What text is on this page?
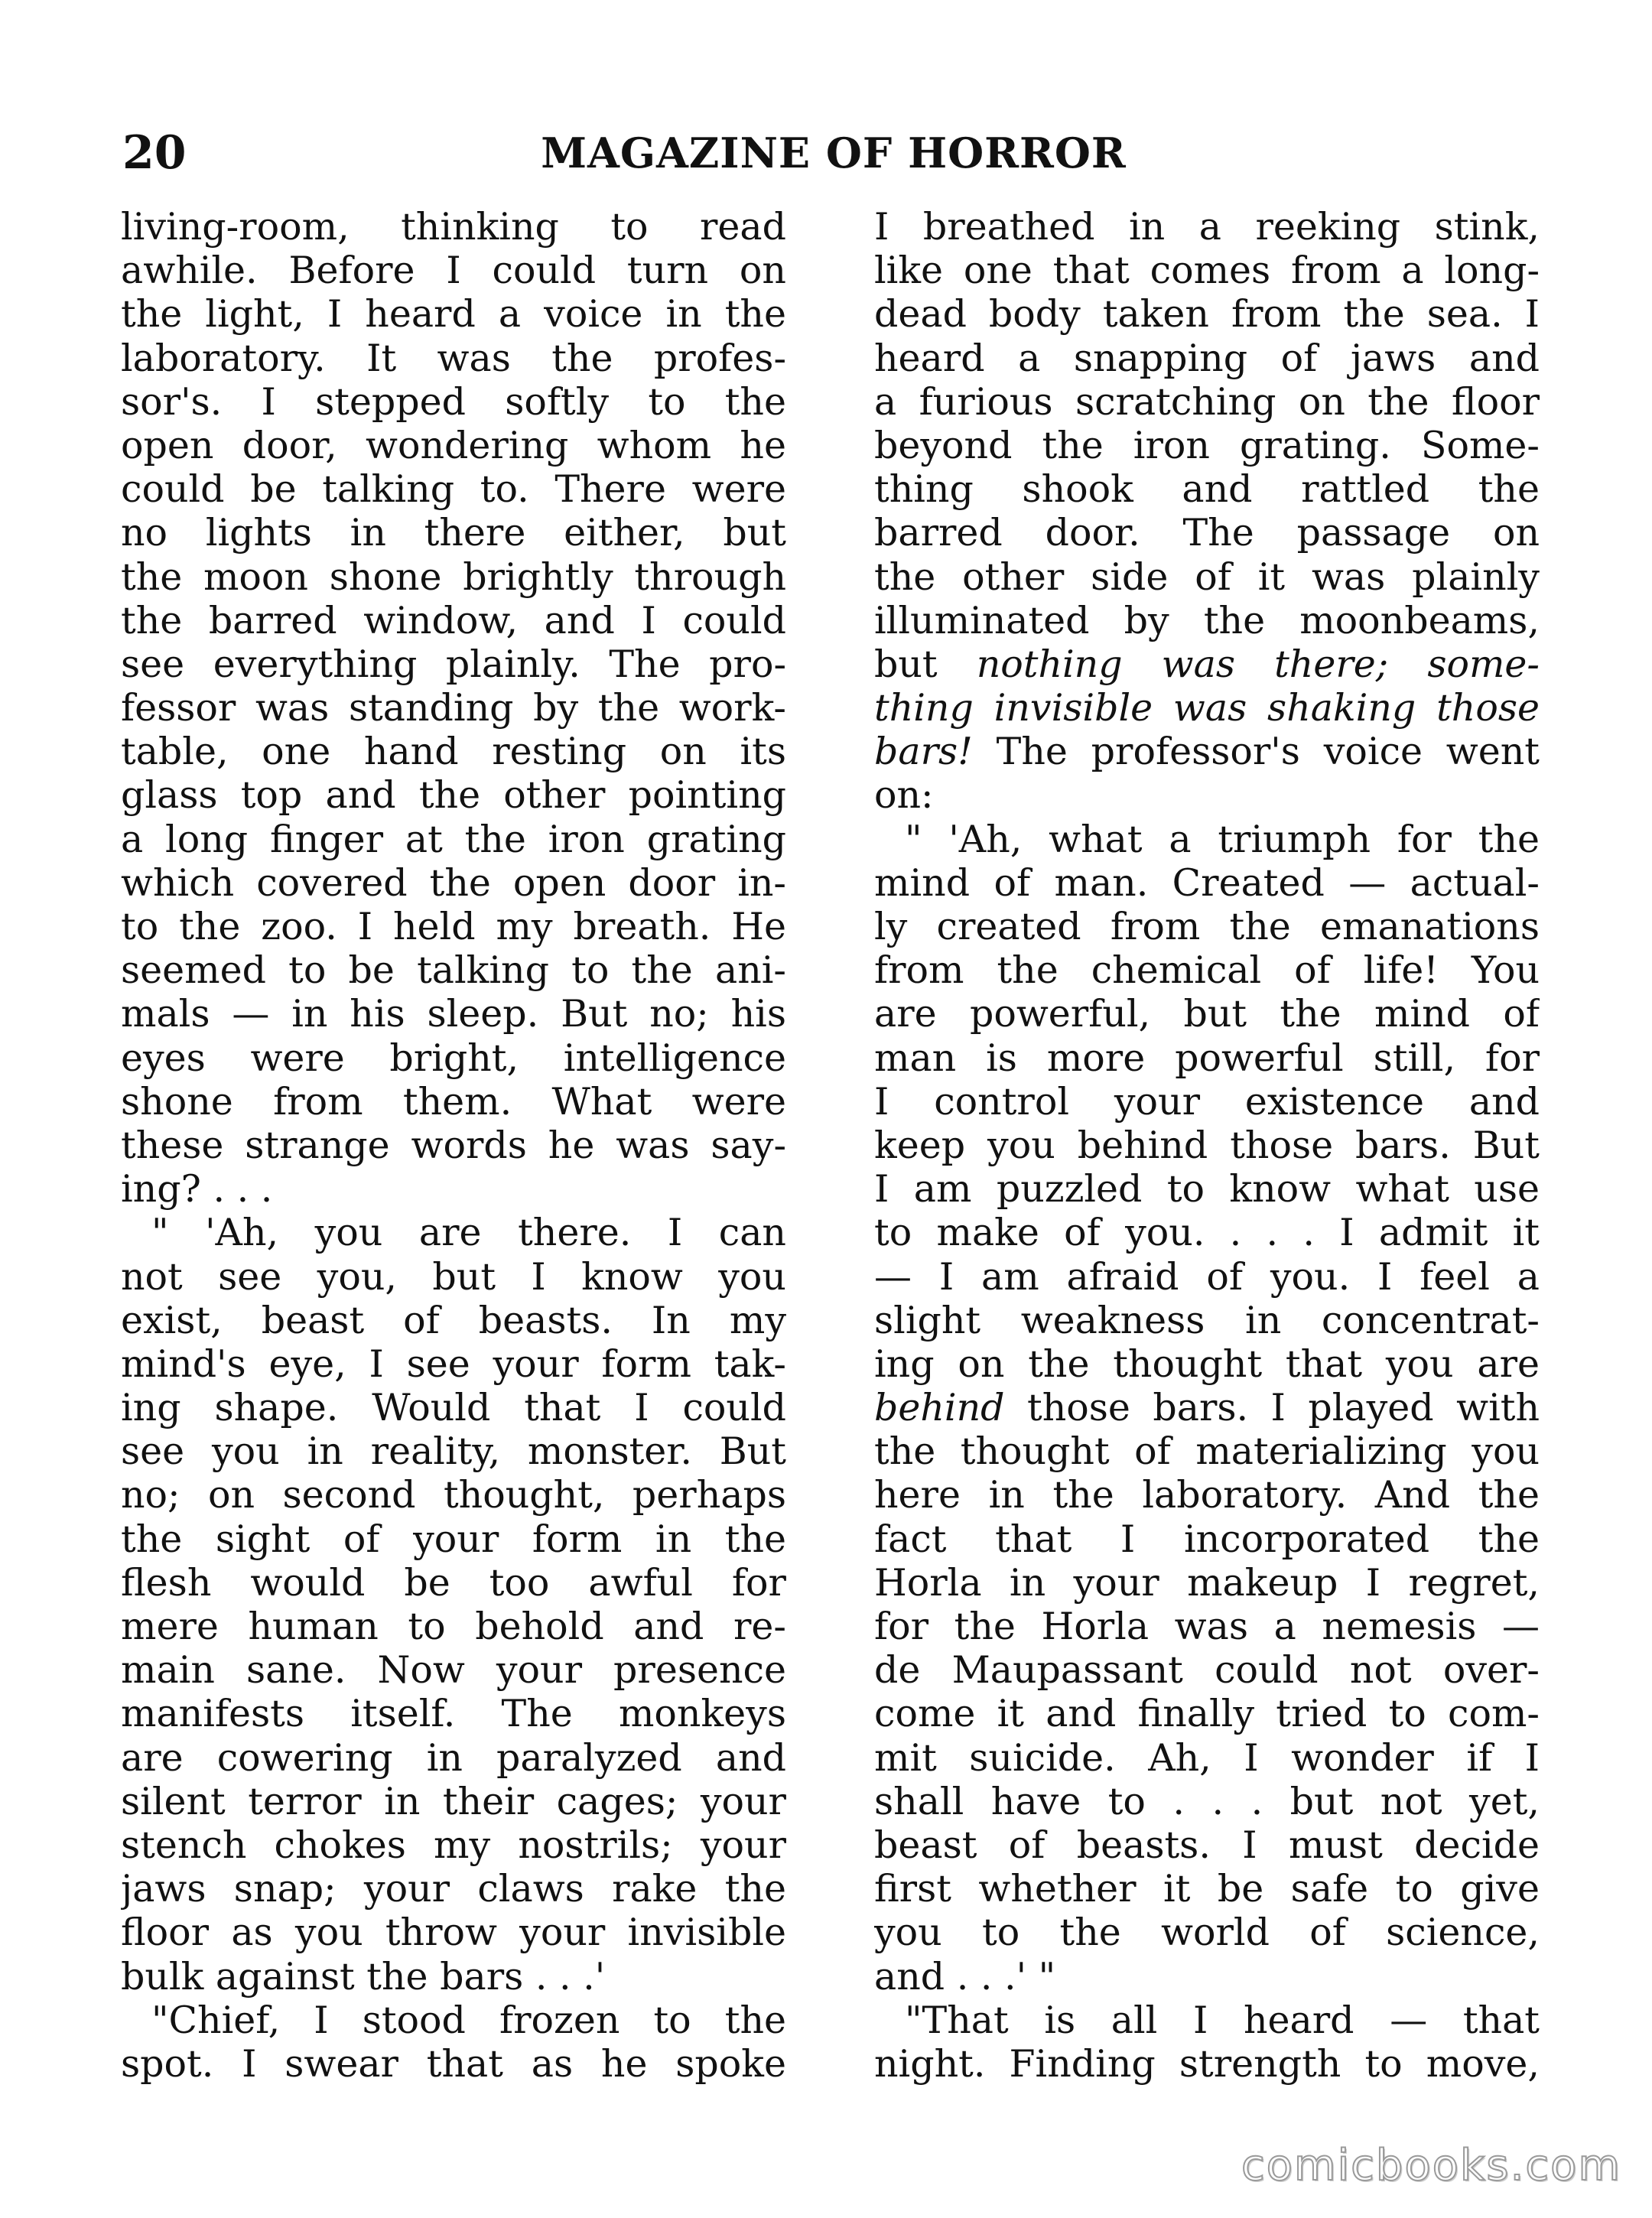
20	MAGAZINE OF HORROR
living-room, thinking to read
awhile. Before I could turn on
the light, I heard a voice in the
laboratory. It was the profes-
sor's. I stepped softly to the
open door, wondering whom he
could be talking to. There were
no lights in there either, but
the moon shone brightly through
the barred window, and I could
see everything plainly. The pro-
fessor was standing by the work-
table, one hand resting on its
glass top and the other pointing
a long finger at the iron grating
which covered the open door in-
to the zoo. I held my breath. He
seemed to be talking to the ani-
mals — in his sleep. But no; his
eyes were bright, intelligence
shone from them. What were
these strange words he was say-
ing? . . .
" 'Ah, you are there. I can
not see you, but I know you
exist, beast of beasts. In my
mind's eye, I see your form tak-
ing shape. Would that I could
see you in reality, monster. But
no; on second thought, perhaps
the sight of your form in the
flesh would be too awful for
mere human to behold and re-
main sane. Now your presence
manifests itself. The monkeys
are cowering in paralyzed and
silent terror in their cages; your
stench chokes my nostrils; your
jaws snap; your claws rake the
floor as you throw your invisible
bulk against the bars . . .'
"Chief, I stood frozen to the
spot. I swear that as he spoke
I breathed in a reeking stink,
like one that comes from a long-
dead body taken from the sea. I
heard a snapping of jaws and
a furious scratching on the floor
beyond the iron grating. Some-
thing shook and rattled the
barred door. The passage on
the other side of it was plainly
illuminated by the moonbeams,
but nothing was there; some-
thing invisible was shaking those
bars! The professor's voice went
on:
" 'Ah, what a triumph for the
mind of man. Created — actual-
ly created from the emanations
from the chemical of life! You
are powerful, but the mind of
man is more powerful still, for
I control your existence and
keep you behind those bars. But
I am puzzled to know what use
to make of you. . . . I admit it
— I am afraid of you. I feel a
slight weakness in concentrat-
ing on the thought that you are
behind those bars. I played with
the thought of materializing you
here in the laboratory. And the
fact that I incorporated the
Horla in your makeup I regret,
for the Horla was a nemesis —
de Maupassant could not over-
come it and finally tried to com-
mit suicide. Ah, I wonder if I
shall have to . . . but not yet,
beast of beasts. I must decide
first whether it be safe to give
you to the world of science,
and . . .' "
"That is all I heard — that
night. Finding strength to move,
comicbooks.com
